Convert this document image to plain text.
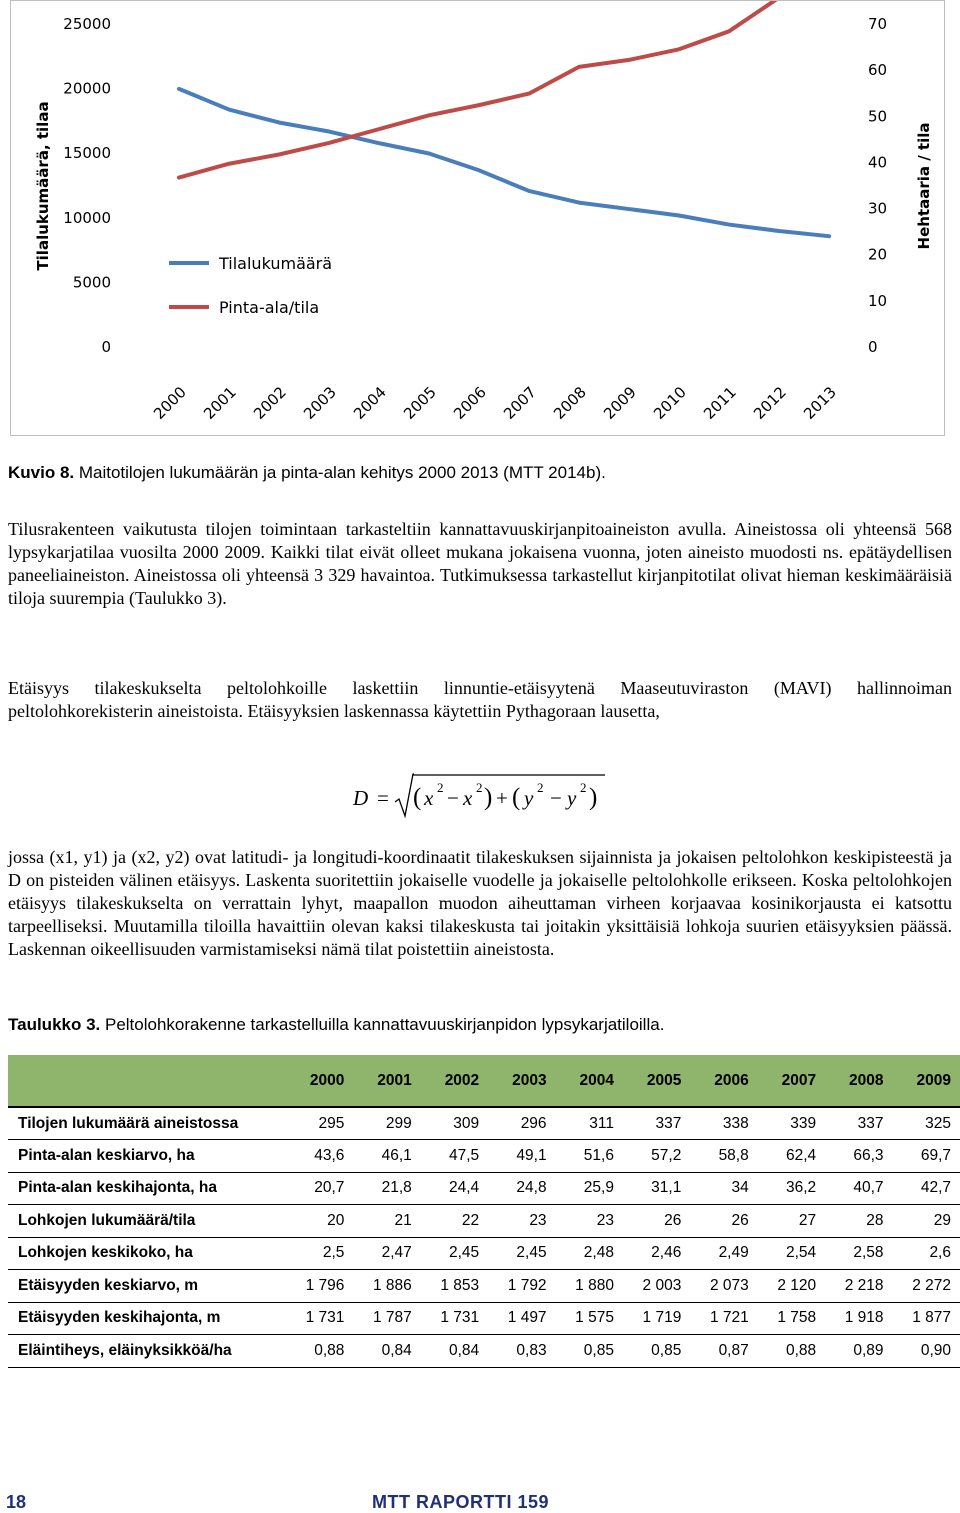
0
5000
10000
15000
20000
25000
0
10
20
30
40
50
60
70
2000 2001 2002 2003 2004 2005 2006 2007 2008 2009 2010 2011 2012 2013
Tilalukumäärä, tilaa	Hehtaaria / tila
Tilalukumäärä
Pinta-ala/tila
Kuvio 8. Maitotilojen lukumäärän ja pinta-alan kehitys 2000 2013 (MTT 2014b).

Tilusrakenteen vaikutusta tilojen toimintaan tarkasteltiin kannattavuuskirjanpitoaineiston avulla. Aineistossa oli yhteensä 568 lypsykarjatilaa vuosilta 2000 2009. Kaikki tilat eivät olleet mukana jokaisena vuonna, joten aineisto muodosti ns. epätäydellisen paneeliaineiston. Aineistossa oli yhteensä 3 329 havaintoa. Tutkimuksessa tarkastellut kirjanpitotilat olivat hieman keskimääräisiä tiloja suurempia (Taulukko 3).

Etäisyys tilakeskukselta peltolohkoille laskettiin linnuntie-etäisyytenä Maaseutuviraston (MAVI) hallinnoiman peltolohkorekisterin aineistoista. Etäisyyksien laskennassa käytettiin Pythagoraan lausetta,

D = ( x 2 − x 2 ) + ( y 2 − y 2 )

jossa (x1, y1) ja (x2, y2) ovat latitudi- ja longitudi-koordinaatit tilakeskuksen sijainnista ja jokaisen peltolohkon keskipisteestä ja D on pisteiden välinen etäisyys. Laskenta suoritettiin jokaiselle vuodelle ja jokaiselle peltolohkolle erikseen. Koska peltolohkojen etäisyys tilakeskukselta on verrattain lyhyt, maapallon muodon aiheuttaman virheen korjaavaa kosinikorjausta ei katsottu tarpeelliseksi. Muutamilla tiloilla havaittiin olevan kaksi tilakeskusta tai joitakin yksittäisiä lohkoja suurien etäisyyksien päässä. Laskennan oikeellisuuden varmistamiseksi nämä tilat poistettiin aineistosta.

Taulukko 3. Peltolohkorakenne tarkastelluilla kannattavuuskirjanpidon lypsykarjatiloilla.
	2000	2001	2002	2003	2004	2005	2006	2007	2008	2009
Tilojen lukumäärä aineistossa	295	299	309	296	311	337	338	339	337	325
Pinta-alan keskiarvo, ha	43,6	46,1	47,5	49,1	51,6	57,2	58,8	62,4	66,3	69,7
Pinta-alan keskihajonta, ha	20,7	21,8	24,4	24,8	25,9	31,1	34	36,2	40,7	42,7
Lohkojen lukumäärä/tila	20	21	22	23	23	26	26	27	28	29
Lohkojen keskikoko, ha	2,5	2,47	2,45	2,45	2,48	2,46	2,49	2,54	2,58	2,6
Etäisyyden keskiarvo, m	1 796	1 886	1 853	1 792	1 880	2 003	2 073	2 120	2 218	2 272
Etäisyyden keskihajonta, m	1 731	1 787	1 731	1 497	1 575	1 719	1 721	1 758	1 918	1 877
Eläintiheys, eläinyksikköä/ha	0,88	0,84	0,84	0,83	0,85	0,85	0,87	0,88	0,89	0,90
18	MTT RAPORTTI 159
